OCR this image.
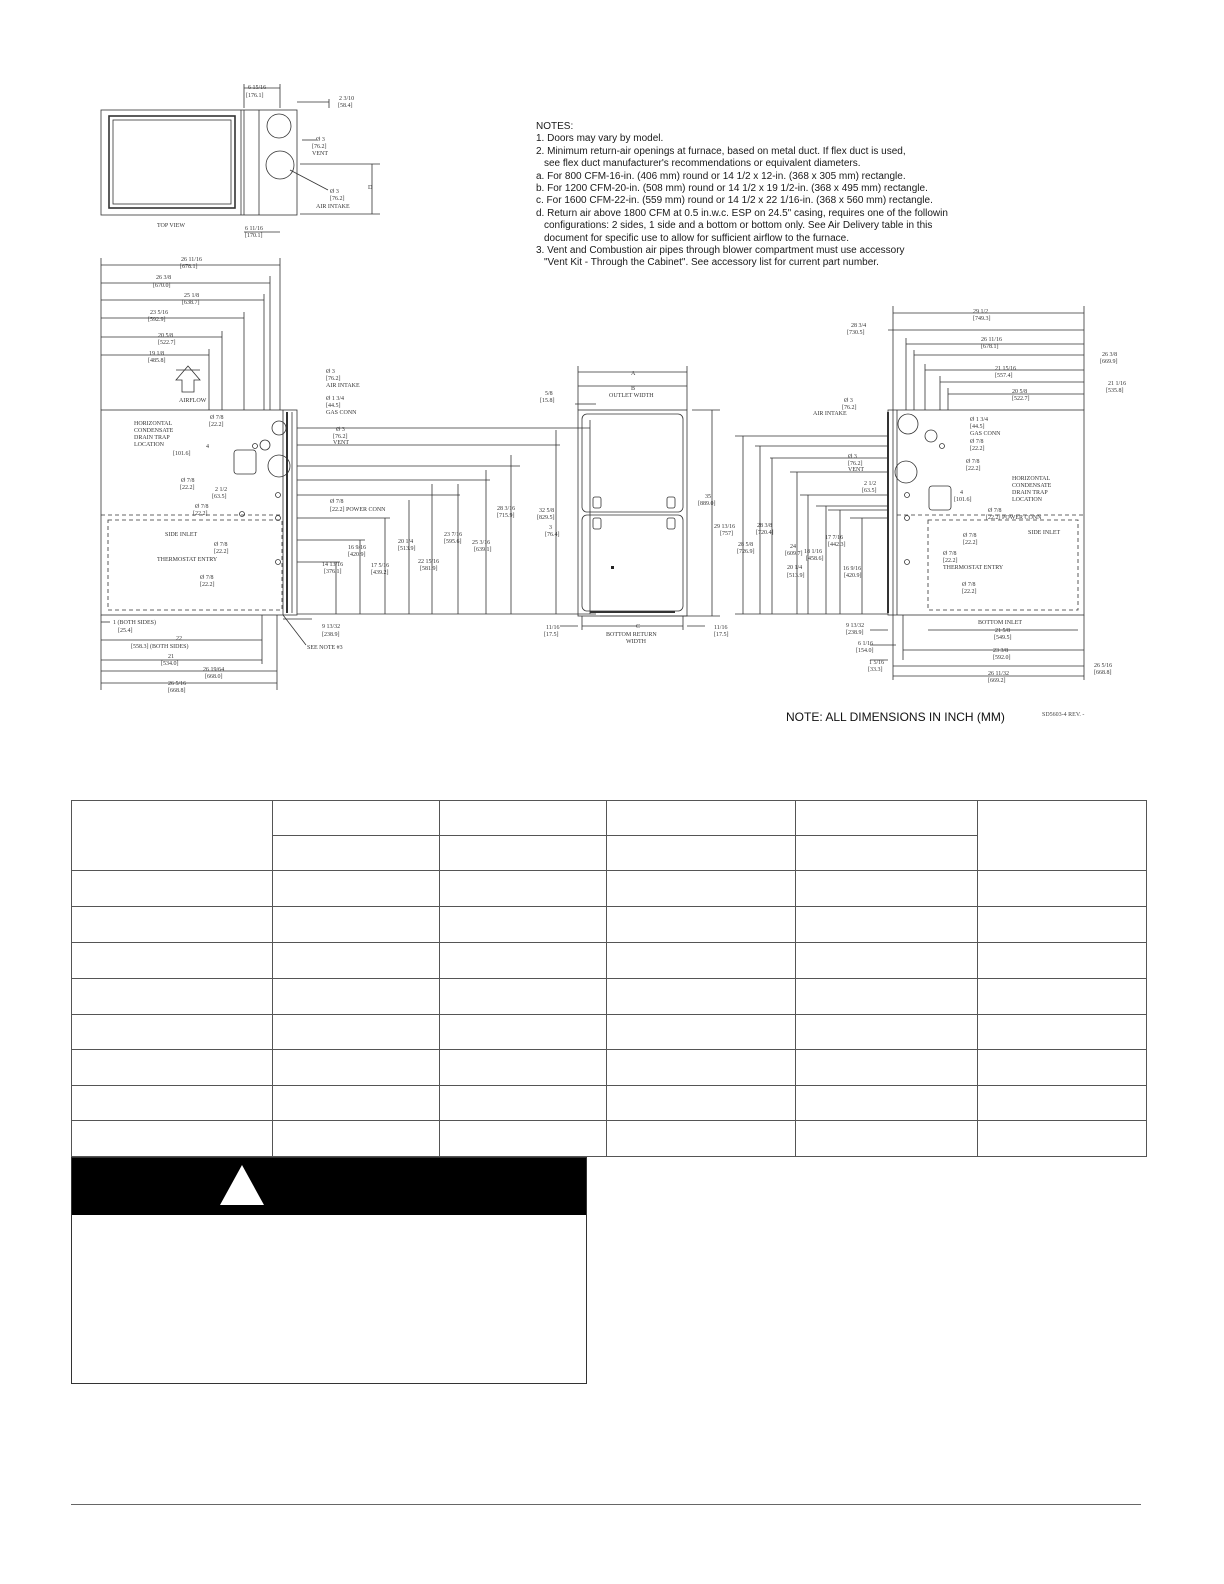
6 15/16
[176.1]	2 3/10
[58.4]
Ø 3
[76.2]
VENT
D
Ø 3
[76.2]
AIR INTAKE
TOP VIEW	6 11/16
[170.1]
26 11/16
[678.1]
26 3/8
[670.0]
25 1/8
[638.7]
23 5/16
[592.9]
20 5/8
[522.7]
19 1/8
[485.8]
AIRFLOW
HORIZONTAL
CONDENSATE
DRAIN TRAP
LOCATION	4
[101.6]
Ø 7/8
[22.2]
Ø 7/8
[22.2]	2 1/2
[63.5]
Ø 7/8
[22.2]
Ø 3
[76.2]
AIR INTAKE
Ø 1 3/4
[44.5]
GAS CONN
Ø 3
[76.2]
VENT
Ø 7/8
[22.2] POWER CONN
SIDE INLET
Ø 7/8
[22.2]
THERMOSTAT ENTRY
Ø 7/8
[22.2]
14 13/16
[376.1]
16 9/16
[420.9]
17 5/16
[439.2]
20 1/4
[513.9]
22 15/16
[581.9]
23 7/16
[595.6] 25 3/16
[639.1]
28 3/16
[715.9]
32 5/8
[829.5]
1 (BOTH SIDES)
[25.4]
22
[558.3] (BOTH SIDES)
21
[534.0]
26 19/64
[668.0]
26 5/16
[668.8]
9 13/32
[238.9]
SEE NOTE #3
A
B
OUTLET WIDTH
5/8
[15.8]
35
[889.0]
3
[76.4]
C
BOTTOM RETURN
WIDTH
11/16
[17.5]
11/16
[17.5]
29 1/2
[749.3]
28 3/4
[730.5]
26 11/16
[678.1]
26 3/8
[669.9]
21 15/16
[557.4]
21 1/16
[535.8]
20 5/8
[522.7]
Ø 3
[76.2]
AIR INTAKE
Ø 1 3/4
[44.5]
GAS CONN
Ø 7/8
[22.2]
Ø 7/8
[22.2]
Ø 3
[76.2]
VENT
2 1/2
[63.5]
HORIZONTAL
CONDENSATE
DRAIN TRAP
LOCATION
4
[101.6]
Ø 7/8
[22.2] POWER CONN
SIDE INLET
Ø 7/8
[22.2]
Ø 7/8
[22.2]
THERMOSTAT ENTRY
Ø 7/8
[22.2]
29 13/16
[757]
28 5/8
[726.9]
28 3/8
[720.4]
24
[609.7]
20 1/4
[513.9]
18 1/16
[458.6]
17 7/16
[442.3]
16 9/16
[420.9]
BOTTOM INLET
21 5/8
[549.5]
23 3/8
[592.0]
26 11/32
[669.2]
26 5/16
[668.8]
9 13/32
[238.9]
6 1/16
[154.0]
1 5/16
[33.3]
NOTES:
1. Doors may vary by model.
2. Minimum return-air openings at furnace, based on metal duct. If flex duct is used,
see flex duct manufacturer's recommendations or equivalent diameters.
a. For 800 CFM-16-in. (406 mm) round or 14 1/2 x 12-in. (368 x 305 mm) rectangle.
b. For 1200 CFM-20-in. (508 mm) round or 14 1/2 x 19 1/2-in. (368 x 495 mm) rectangle.
c. For 1600 CFM-22-in. (559 mm) round or 14 1/2 x 22 1/16-in. (368 x 560 mm) rectangle.
d. Return air above 1800 CFM at 0.5 in.w.c. ESP on 24.5" casing, requires one of the followin
configurations: 2 sides, 1 side and a bottom or bottom only. See Air Delivery table in this
document for specific use to allow for sufficient airflow to the furnace.
3. Vent and Combustion air pipes through blower compartment must use accessory
"Vent Kit - Through the Cabinet". See accessory list for current part number.
NOTE: ALL DIMENSIONS IN INCH (MM)	SD5603-4 REV. -
